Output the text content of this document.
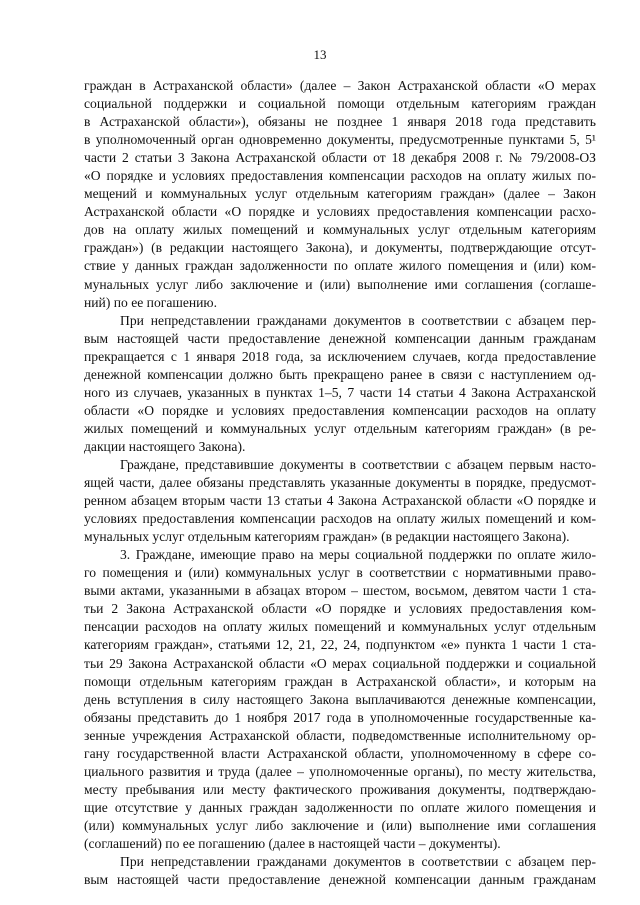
13
граждан в Астраханской области» (далее – Закон Астраханской области «О мерах
социальной поддержки и социальной помощи отдельным категориям граждан
в Астраханской области»), обязаны не позднее 1 января 2018 года представить
в уполномоченный орган одновременно документы, предусмотренные пунктами 5, 5¹
части 2 статьи 3 Закона Астраханской области от 18 декабря 2008 г. № 79/2008-ОЗ
«О порядке и условиях предоставления компенсации расходов на оплату жилых по-
мещений и коммунальных услуг отдельным категориям граждан» (далее – Закон
Астраханской области «О порядке и условиях предоставления компенсации расхо-
дов на оплату жилых помещений и коммунальных услуг отдельным категориям
граждан») (в редакции настоящего Закона), и документы, подтверждающие отсут-
ствие у данных граждан задолженности по оплате жилого помещения и (или) ком-
мунальных услуг либо заключение и (или) выполнение ими соглашения (соглаше-
ний) по ее погашению.
При непредставлении гражданами документов в соответствии с абзацем пер-
вым настоящей части предоставление денежной компенсации данным гражданам
прекращается с 1 января 2018 года, за исключением случаев, когда предоставление
денежной компенсации должно быть прекращено ранее в связи с наступлением од-
ного из случаев, указанных в пунктах 1–5, 7 части 14 статьи 4 Закона Астраханской
области «О порядке и условиях предоставления компенсации расходов на оплату
жилых помещений и коммунальных услуг отдельным категориям граждан» (в ре-
дакции настоящего Закона).
Граждане, представившие документы в соответствии с абзацем первым насто-
ящей части, далее обязаны представлять указанные документы в порядке, предусмот-
ренном абзацем вторым части 13 статьи 4 Закона Астраханской области «О порядке и
условиях предоставления компенсации расходов на оплату жилых помещений и ком-
мунальных услуг отдельным категориям граждан» (в редакции настоящего Закона).
3. Граждане, имеющие право на меры социальной поддержки по оплате жило-
го помещения и (или) коммунальных услуг в соответствии с нормативными право-
выми актами, указанными в абзацах втором – шестом, восьмом, девятом части 1 ста-
тьи 2 Закона Астраханской области «О порядке и условиях предоставления ком-
пенсации расходов на оплату жилых помещений и коммунальных услуг отдельным
категориям граждан», статьями 12, 21, 22, 24, подпунктом «е» пункта 1 части 1 ста-
тьи 29 Закона Астраханской области «О мерах социальной поддержки и социальной
помощи отдельным категориям граждан в Астраханской области», и которым на
день вступления в силу настоящего Закона выплачиваются денежные компенсации,
обязаны представить до 1 ноября 2017 года в уполномоченные государственные ка-
зенные учреждения Астраханской области, подведомственные исполнительному ор-
гану государственной власти Астраханской области, уполномоченному в сфере со-
циального развития и труда (далее – уполномоченные органы), по месту жительства,
месту пребывания или месту фактического проживания документы, подтверждаю-
щие отсутствие у данных граждан задолженности по оплате жилого помещения и
(или) коммунальных услуг либо заключение и (или) выполнение ими соглашения
(соглашений) по ее погашению (далее в настоящей части – документы).
При непредставлении гражданами документов в соответствии с абзацем пер-
вым настоящей части предоставление денежной компенсации данным гражданам
